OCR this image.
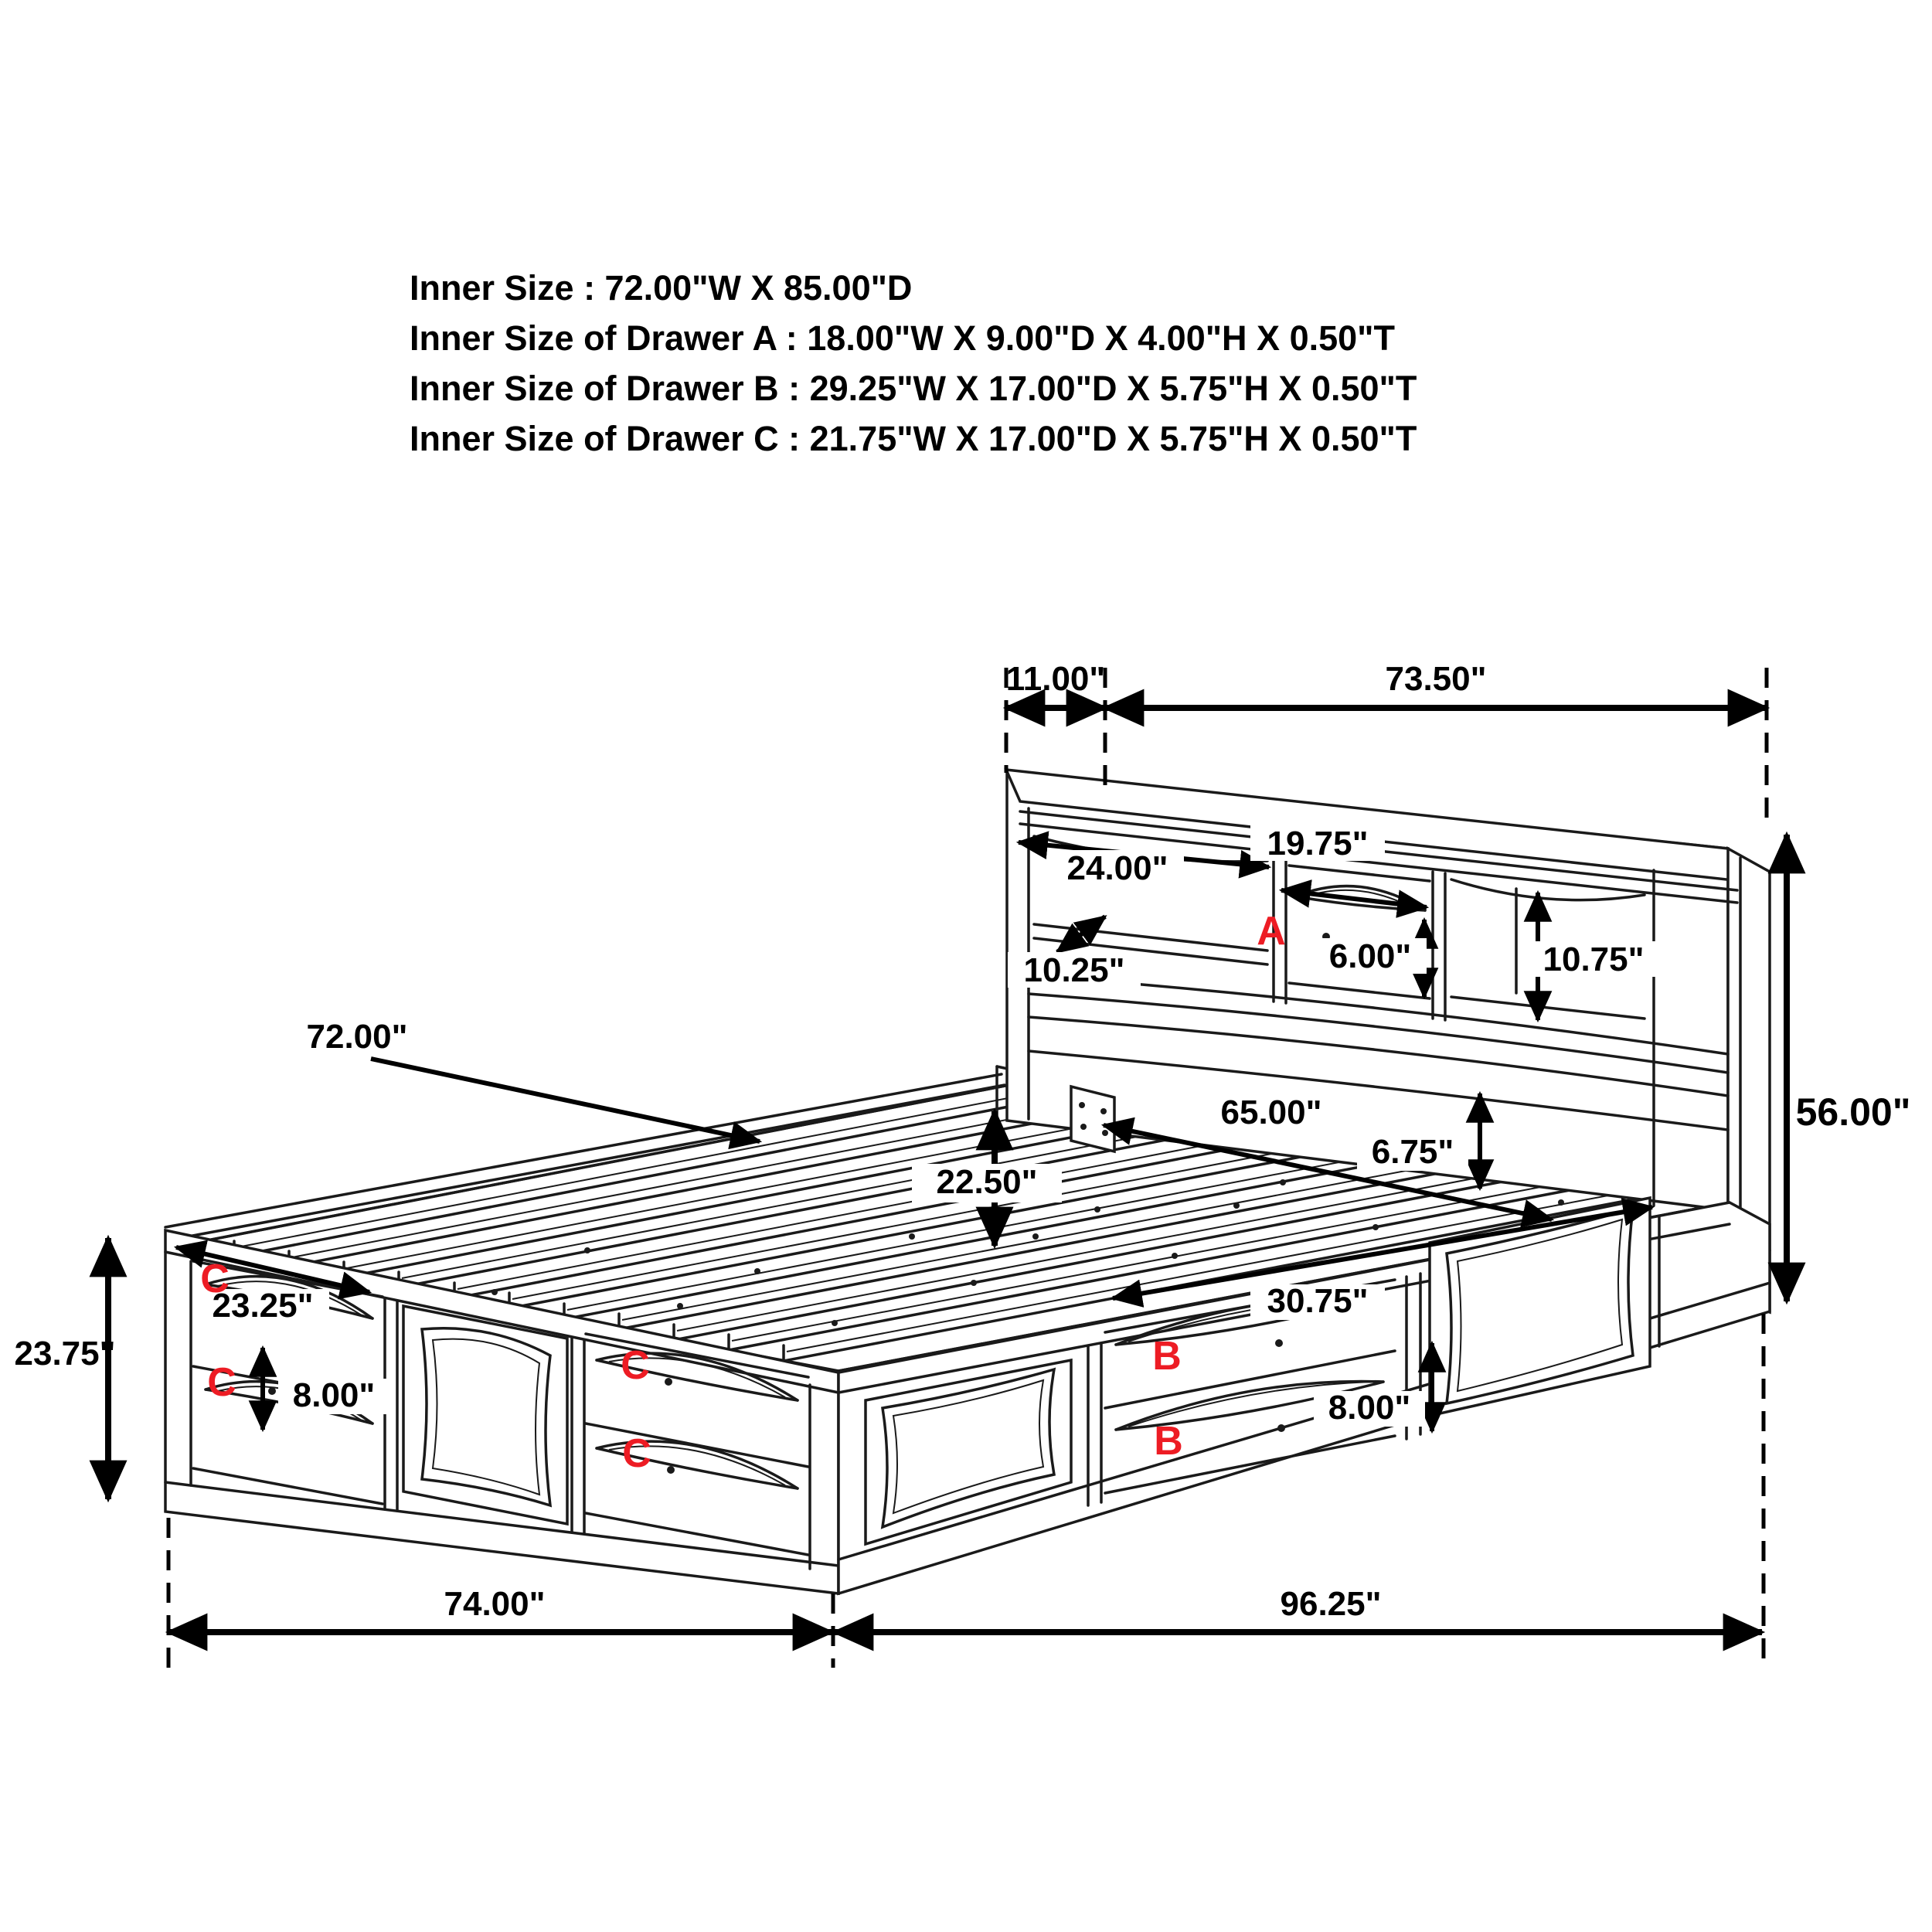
Inner Size : 72.00"W X 85.00"D
Inner Size of Drawer A : 18.00"W X 9.00"D X 4.00"H X 0.50"T
Inner Size of Drawer B : 29.25"W X 17.00"D X 5.75"H X 0.50"T
Inner Size of Drawer C : 21.75"W X 17.00"D X 5.75"H X 0.50"T
11.00"	73.50"
24.00"
19.75"
10.25"	6.00"	10.75"
72.00"
65.00"
6.75"
22.50"
56.00"
23.25"
8.00"
23.75"
30.75"
8.00"
74.00"	96.25"
A
B
B
C
C	C
C
